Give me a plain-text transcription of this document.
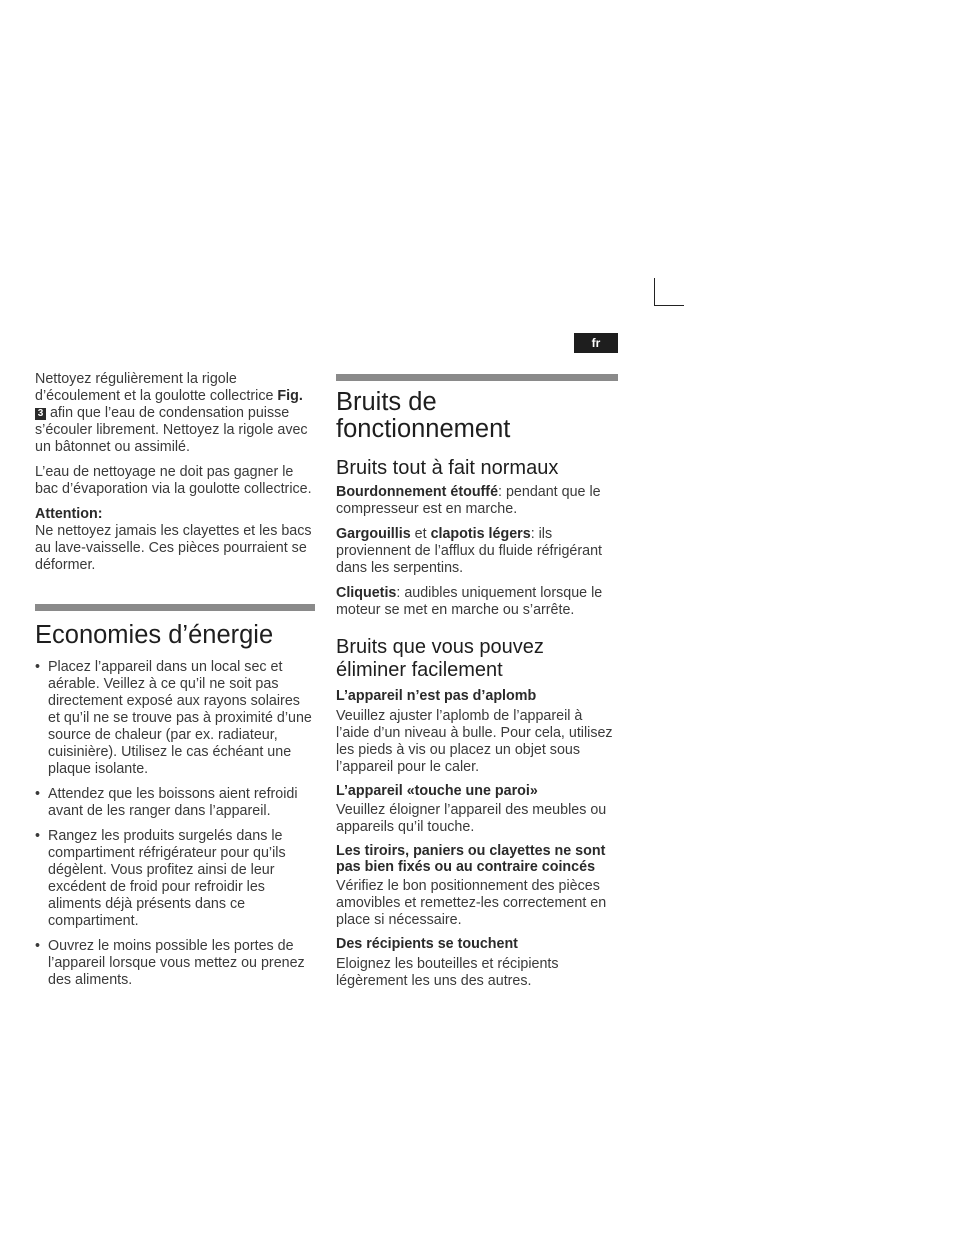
fr

Nettoyez régulièrement la rigole d’écoulement et la goulotte collectrice Fig. 3 afin que l’eau de condensation puisse s’écouler librement. Nettoyez la rigole avec un bâtonnet ou assimilé.

L’eau de nettoyage ne doit pas gagner le bac d’évaporation via la goulotte collectrice.

Attention:

Ne nettoyez jamais les clayettes et les bacs au lave-vaisselle. Ces pièces pourraient se déformer.

Economies d’énergie
• Placez l’appareil dans un local sec et aérable. Veillez à ce qu’il ne soit pas directement exposé aux rayons solaires et qu’il ne se trouve pas à proximité d’une source de chaleur (par ex. radiateur, cuisinière). Utilisez le cas échéant une plaque isolante.
• Attendez que les boissons aient refroidi avant de les ranger dans l’appareil.
• Rangez les produits surgelés dans le compartiment réfrigérateur pour qu’ils dégèlent. Vous profitez ainsi de leur excédent de froid pour refroidir les aliments déjà présents dans ce compartiment.
• Ouvrez le moins possible les portes de l’appareil lorsque vous mettez ou prenez des aliments.
Bruits de
fonctionnement
Bruits tout à fait normaux

Bourdonnement étouffé: pendant que le compresseur est en marche.

Gargouillis et clapotis légers: ils proviennent de l’afflux du fluide réfrigérant dans les serpentins.

Cliquetis: audibles uniquement lorsque le moteur se met en marche ou s’arrête.

Bruits que vous pouvez
éliminer facilement

L’appareil n’est pas d’aplomb

Veuillez ajuster l’aplomb de l’appareil à l’aide d’un niveau à bulle. Pour cela, utilisez les pieds à vis ou placez un objet sous l’appareil pour le caler.

L’appareil «touche une paroi»

Veuillez éloigner l’appareil des meubles ou appareils qu’il touche.

Les tiroirs, paniers ou clayettes ne sont pas bien fixés ou au contraire coincés

Vérifiez le bon positionnement des pièces amovibles et remettez-les correctement en place si nécessaire.

Des récipients se touchent

Eloignez les bouteilles et récipients légèrement les uns des autres.
